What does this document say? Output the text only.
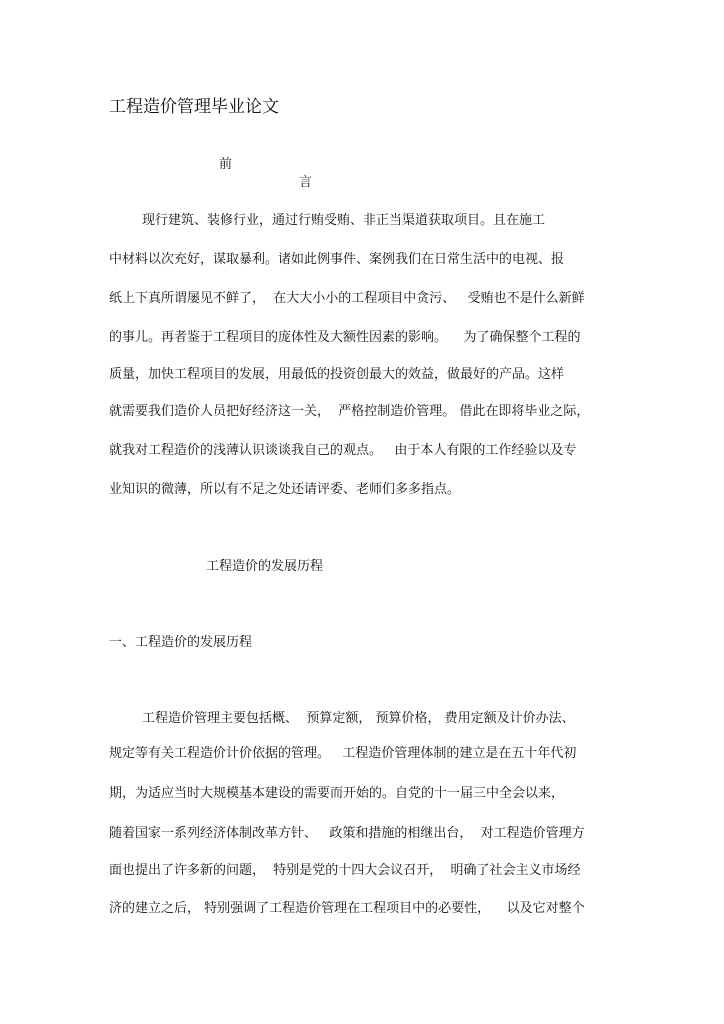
工程造价管理毕业论文

前

言

现行建筑、装修行业，通过行贿受贿、非正当渠道获取项目。且在施工
中材料以次充好，谋取暴利。诸如此例事件、案例我们在日常生活中的电视、报
纸上下真所谓屡见不鲜了，  在大大小小的工程项目中贪污、   受贿也不是什么新鲜
的事儿。再者鉴于工程项目的庞体性及大额性因素的影响。    为了确保整个工程的
质量，加快工程项目的发展，用最低的投资创最大的效益，做最好的产品。这样
就需要我们造价人员把好经济这一关，  严格控制造价管理。 借此在即将毕业之际，
就我对工程造价的浅薄认识谈谈我自己的观点。   由于本人有限的工作经验以及专
业知识的微薄，所以有不足之处还请评委、老师们多多指点。
工程造价的发展历程
一、工程造价的发展历程
工程造价管理主要包括概、  预算定额， 预算价格， 费用定额及计价办法、
规定等有关工程造价计价依据的管理。   工程造价管理体制的建立是在五十年代初
期，为适应当时大规模基本建设的需要而开始的。自党的十一届三中全会以来，
随着国家一系列经济体制改革方针、   政策和措施的相继出台，  对工程造价管理方
面也提出了许多新的问题，  特别是党的十四大会议召开，  明确了社会主义市场经
济的建立之后， 特别强调了工程造价管理在工程项目中的必要性，    以及它对整个
